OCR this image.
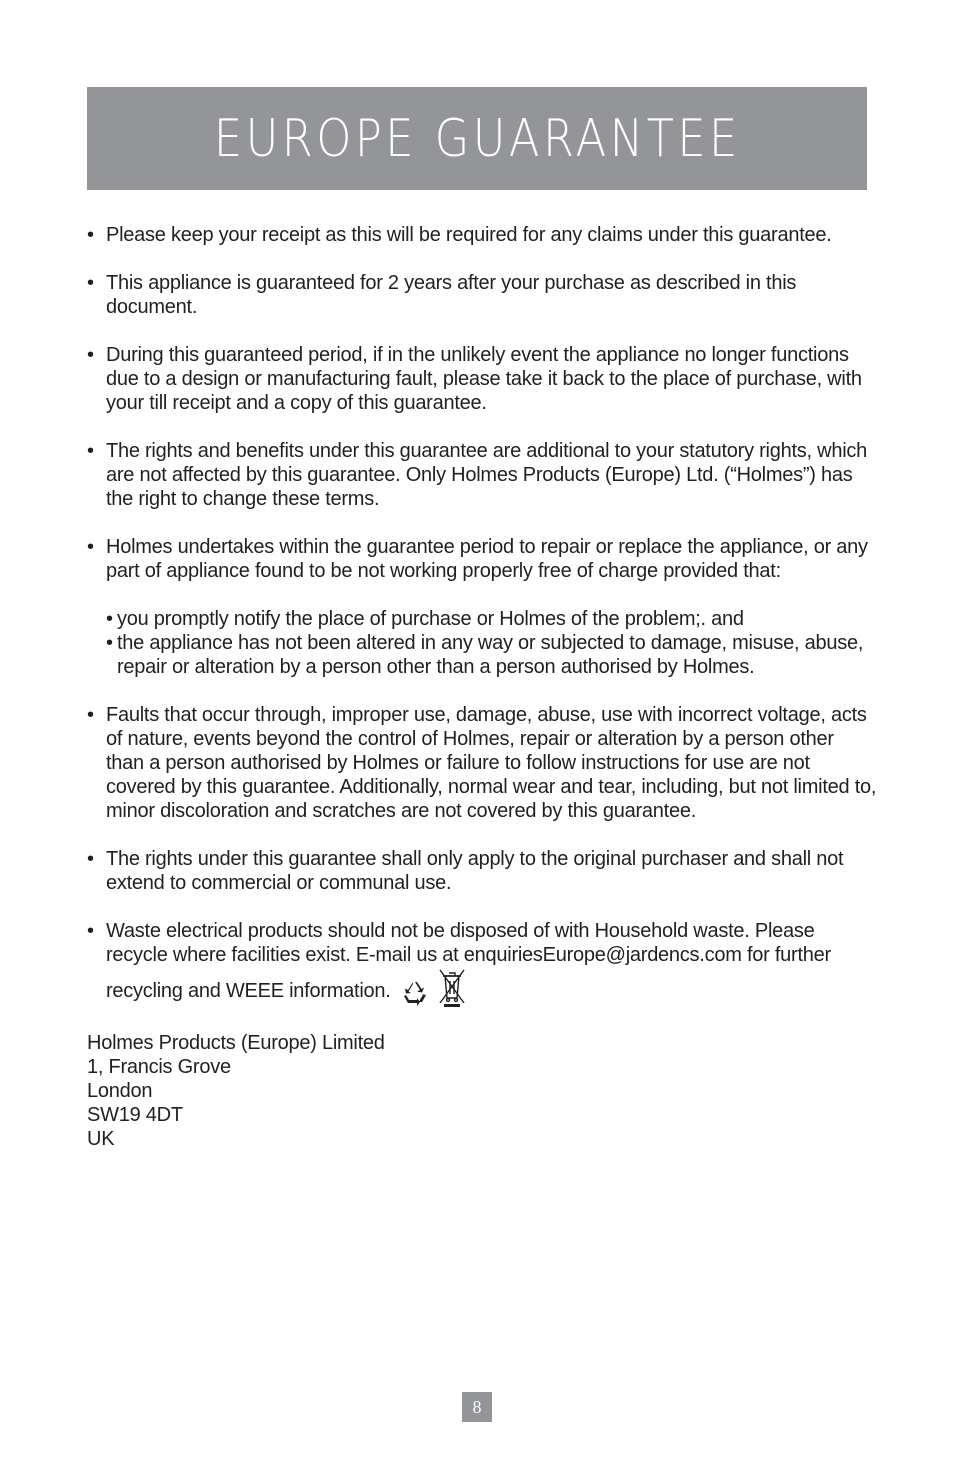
EUROPE GUARANTEE
• Please keep your receipt as this will be required for any claims under this guarantee.
• This appliance is guaranteed for 2 years after your purchase as described in this document.
• During this guaranteed period, if in the unlikely event the appliance no longer functions due to a design or manufacturing fault, please take it back to the place of purchase, with your till receipt and a copy of this guarantee.
• The rights and benefits under this guarantee are additional to your statutory rights, which are not affected by this guarantee. Only Holmes Products (Europe) Ltd. (“Holmes”) has the right to change these terms.
• Holmes undertakes within the guarantee period to repair or replace the appliance, or any part of appliance found to be not working properly free of charge provided that:
• you promptly notify the place of purchase or Holmes of the problem;. and
• the appliance has not been altered in any way or subjected to damage, misuse, abuse, repair or alteration by a person other than a person authorised by Holmes.
• Faults that occur through, improper use, damage, abuse, use with incorrect voltage, acts of nature, events beyond the control of Holmes, repair or alteration by a person other than a person authorised by Holmes or failure to follow instructions for use are not covered by this guarantee. Additionally, normal wear and tear, including, but not limited to, minor discoloration and scratches are not covered by this guarantee.
• The rights under this guarantee shall only apply to the original purchaser and shall not extend to commercial or communal use.
• Waste electrical products should not be disposed of with Household waste. Please recycle where facilities exist. E-mail us at enquiriesEurope@jardencs.com for further recycling and WEEE information.
Holmes Products (Europe) Limited
1, Francis Grove
London
SW19 4DT
UK
8
